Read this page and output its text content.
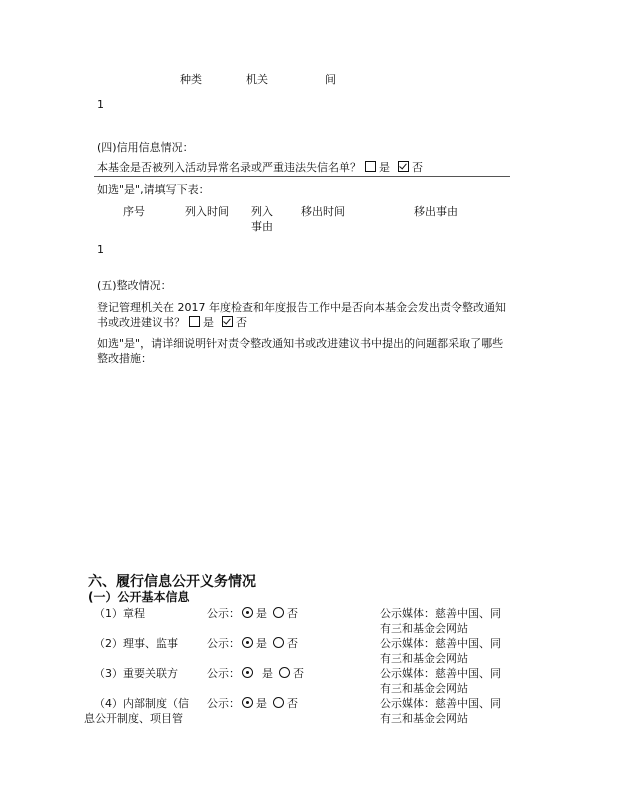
种类	机关	间
1
(四)信用信息情况：
本基金是否被列入活动异常名录或严重违法失信名单？ 是 否
如选"是",请填写下表：
序号	列入时间 列入
事由
移出时间	移出事由
1
(五)整改情况：
登记管理机关在 2017 年度检查和年度报告工作中是否向本基金会发出责令整改通知
书或改进建议书？ 是 否
如选"是"，请详细说明针对责令整改通知书或改进建议书中提出的问题都采取了哪些
整改措施：
六、履行信息公开义务情况
(一）公开基本信息
（1）章程	公示： 是 否	公示媒体：慈善中国、同
有三和基金会网站
（2）理事、监事	公示： 是 否	公示媒体：慈善中国、同
有三和基金会网站
（3）重要关联方	公示： 是 否	公示媒体：慈善中国、同
有三和基金会网站
（4）内部制度（信
息公开制度、项目管
公示： 是 否	公示媒体：慈善中国、同
有三和基金会网站
